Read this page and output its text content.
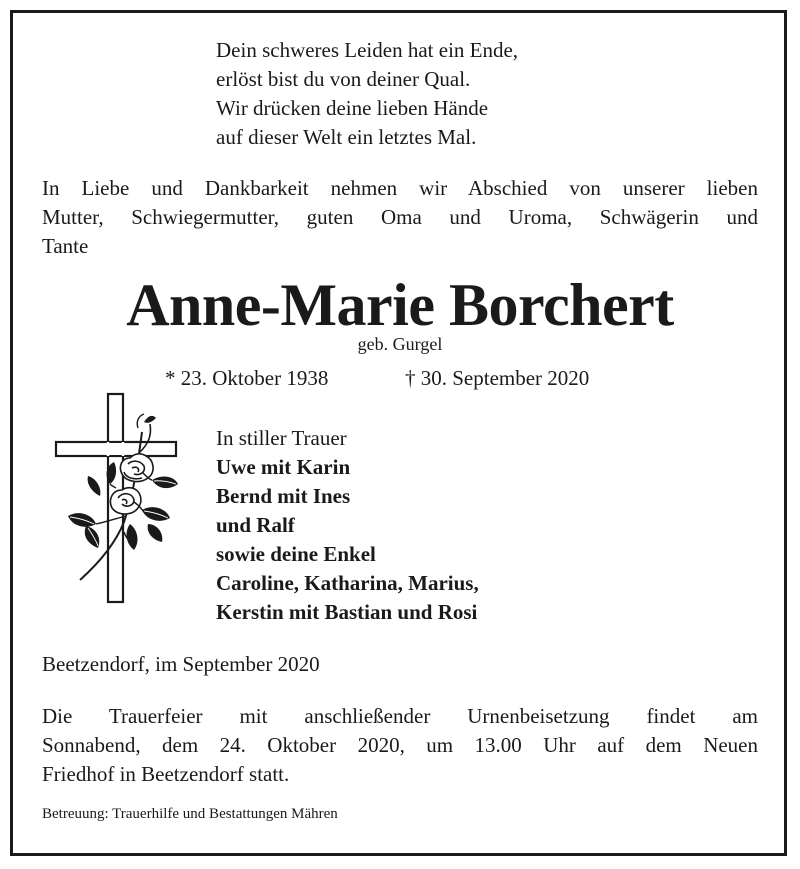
Dein schweres Leiden hat ein Ende,
erlöst bist du von deiner Qual.
Wir drücken deine lieben Hände
auf dieser Welt ein letztes Mal.
In Liebe und Dankbarkeit nehmen wir Abschied von unserer lieben
Mutter, Schwiegermutter, guten Oma und Uroma, Schwägerin und
Tante
Anne-Marie Borchert
geb. Gurgel
* 23. Oktober 1938	† 30. September 2020
In stiller Trauer
Uwe mit Karin
Bernd mit Ines
und Ralf
sowie deine Enkel
Caroline, Katharina, Marius,
Kerstin mit Bastian und Rosi
Beetzendorf, im September 2020
Die Trauerfeier mit anschließender Urnenbeisetzung findet am
Sonnabend, dem 24. Oktober 2020, um 13.00 Uhr auf dem Neuen
Friedhof in Beetzendorf statt.
Betreuung: Trauerhilfe und Bestattungen Mähren
